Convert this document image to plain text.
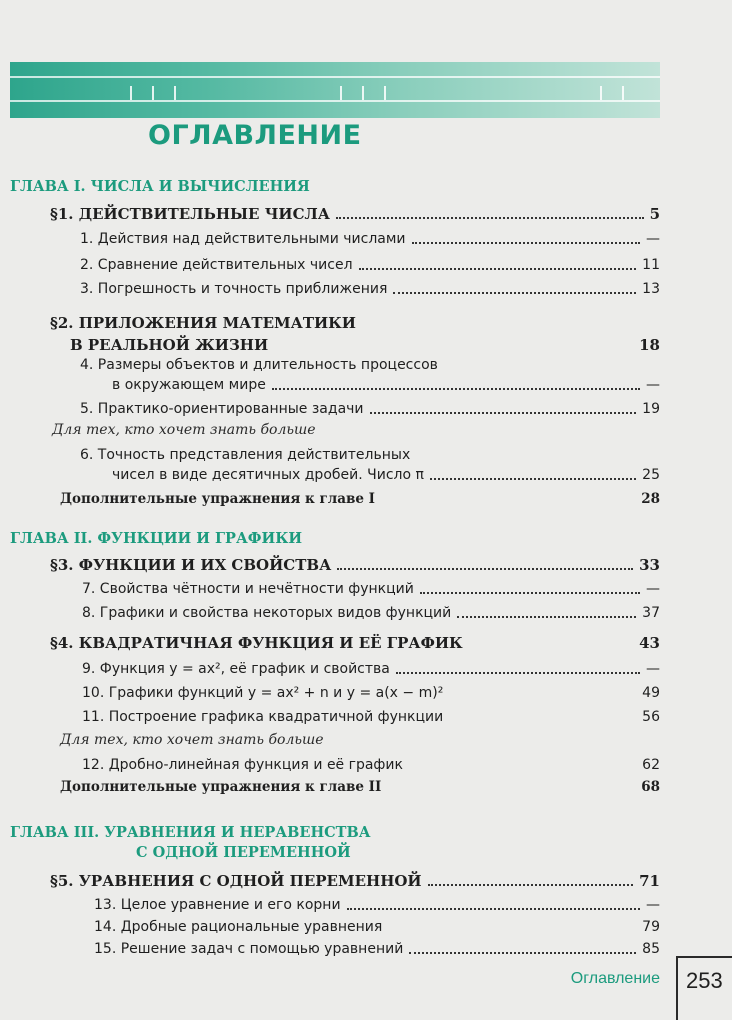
ОГЛАВЛЕНИЕ
ГЛАВА I. ЧИСЛА И ВЫЧИСЛЕНИЯ
§1. ДЕЙСТВИТЕЛЬНЫЕ ЧИСЛА	5
1. Действия над действительными числами	—
2. Сравнение действительных чисел	11
3. Погрешность и точность приближения	13

§2. ПРИЛОЖЕНИЯ МАТЕМАТИКИ

В РЕАЛЬНОЙ ЖИЗНИ	18

4. Размеры объектов и длительность процессов

в окружающем мире	—
5. Практико-ориентированные задачи	19

Для тех, кто хочет знать больше

6. Точность представления действительных

чисел в виде десятичных дробей. Число π	25
Дополнительные упражнения к главе I	28
ГЛАВА II. ФУНКЦИИ И ГРАФИКИ
§3. ФУНКЦИИ И ИХ СВОЙСТВА	33
7. Свойства чётности и нечётности функций	—
8. Графики и свойства некоторых видов функций	37
§4. КВАДРАТИЧНАЯ ФУНКЦИЯ И ЕЁ ГРАФИК	43
9. Функция y = ax², её график и свойства	—
10. Графики функций y = ax² + n и y = a(x − m)²	49
11. Построение графика квадратичной функции	56

Для тех, кто хочет знать больше

12. Дробно-линейная функция и её график	62
Дополнительные упражнения к главе II	68
ГЛАВА III. УРАВНЕНИЯ И НЕРАВЕНСТВА
С ОДНОЙ ПЕРЕМЕННОЙ
§5. УРАВНЕНИЯ С ОДНОЙ ПЕРЕМЕННОЙ	71
13. Целое уравнение и его корни	—
14. Дробные рациональные уравнения	79
15. Решение задач с помощью уравнений	85
Оглавление 253
